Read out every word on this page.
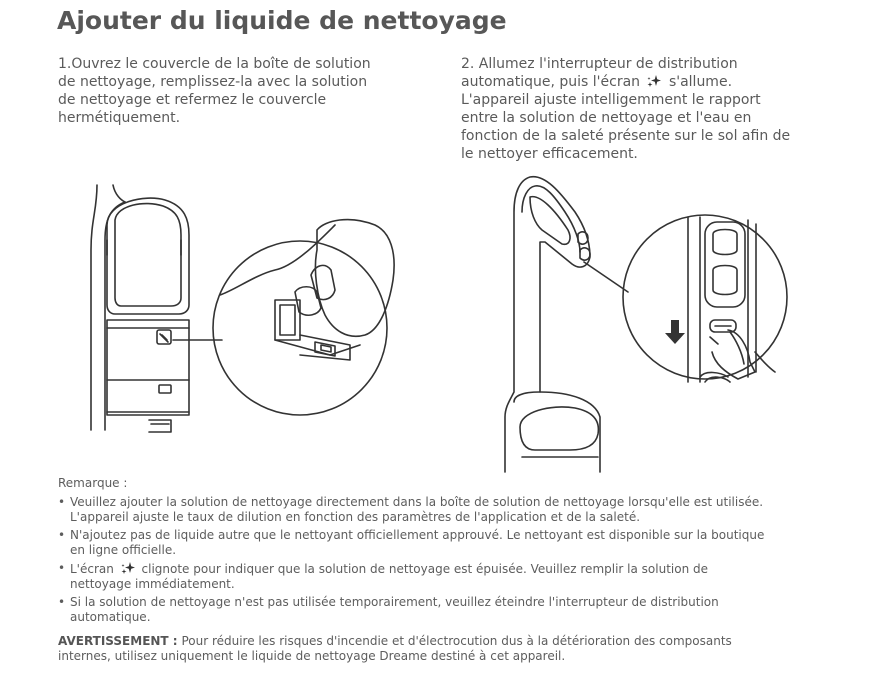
Ajouter du liquide de nettoyage
1.Ouvrez le couvercle de la boîte de solution
de nettoyage, remplissez-la avec la solution
de nettoyage et refermez le couvercle
hermétiquement.
2. Allumez l'interrupteur de distribution
automatique, puis l'écran s'allume.
L'appareil ajuste intelligemment le rapport
entre la solution de nettoyage et l'eau en
fonction de la saleté présente sur le sol afin de
le nettoyer efficacement.
Remarque :
• Veuillez ajouter la solution de nettoyage directement dans la boîte de solution de nettoyage lorsqu'elle est utilisée.
L'appareil ajuste le taux de dilution en fonction des paramètres de l'application et de la saleté.
• N'ajoutez pas de liquide autre que le nettoyant officiellement approuvé. Le nettoyant est disponible sur la boutique
en ligne officielle.
• L'écran clignote pour indiquer que la solution de nettoyage est épuisée. Veuillez remplir la solution de
nettoyage immédiatement.
• Si la solution de nettoyage n'est pas utilisée temporairement, veuillez éteindre l'interrupteur de distribution
automatique.
AVERTISSEMENT : Pour réduire les risques d'incendie et d'électrocution dus à la détérioration des composants
internes, utilisez uniquement le liquide de nettoyage Dreame destiné à cet appareil.
